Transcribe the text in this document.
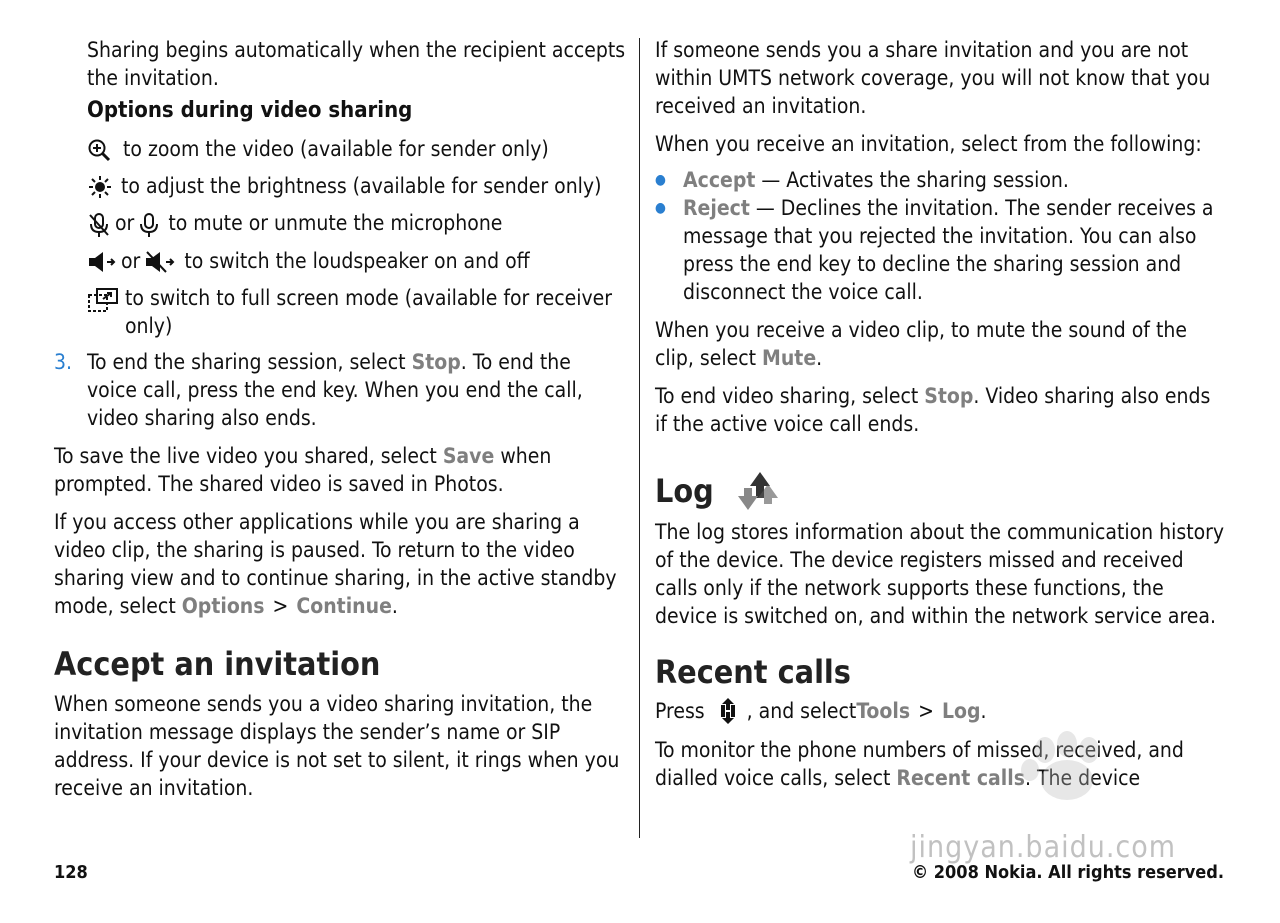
Sharing begins automatically when the recipient accepts the invitation.

Options during video sharing
to zoom the video (available for sender only)
to adjust the brightness (available for sender only)
or to mute or unmute the microphone
or to switch the loudspeaker on and off
to switch to full screen mode (available for receiver only)
3. To end the sharing session, select Stop. To end the voice call, press the end key. When you end the call, video sharing also ends.

To save the live video you shared, select Save when prompted. The shared video is saved in Photos.

If you access other applications while you are sharing a video clip, the sharing is paused. To return to the video sharing view and to continue sharing, in the active standby mode, select Options > Continue.

Accept an invitation

When someone sends you a video sharing invitation, the invitation message displays the sender’s name or SIP address. If your device is not set to silent, it rings when you receive an invitation.

If someone sends you a share invitation and you are not within UMTS network coverage, you will not know that you received an invitation.

When you receive an invitation, select from the following:

● Accept — Activates the sharing session.
● Reject — Declines the invitation. The sender receives a message that you rejected the invitation. You can also press the end key to decline the sharing session and disconnect the voice call.

When you receive a video clip, to mute the sound of the clip, select Mute.

To end video sharing, select Stop. Video sharing also ends if the active voice call ends.

Log

The log stores information about the communication history of the device. The device registers missed and received calls only if the network supports these functions, the device is switched on, and within the network service area.

Recent calls

Press , and select Tools > Log .

To monitor the phone numbers of missed, received, and dialled voice calls, select Recent calls. The device

jingyan.baidu.com
128	© 2008 Nokia. All rights reserved.
